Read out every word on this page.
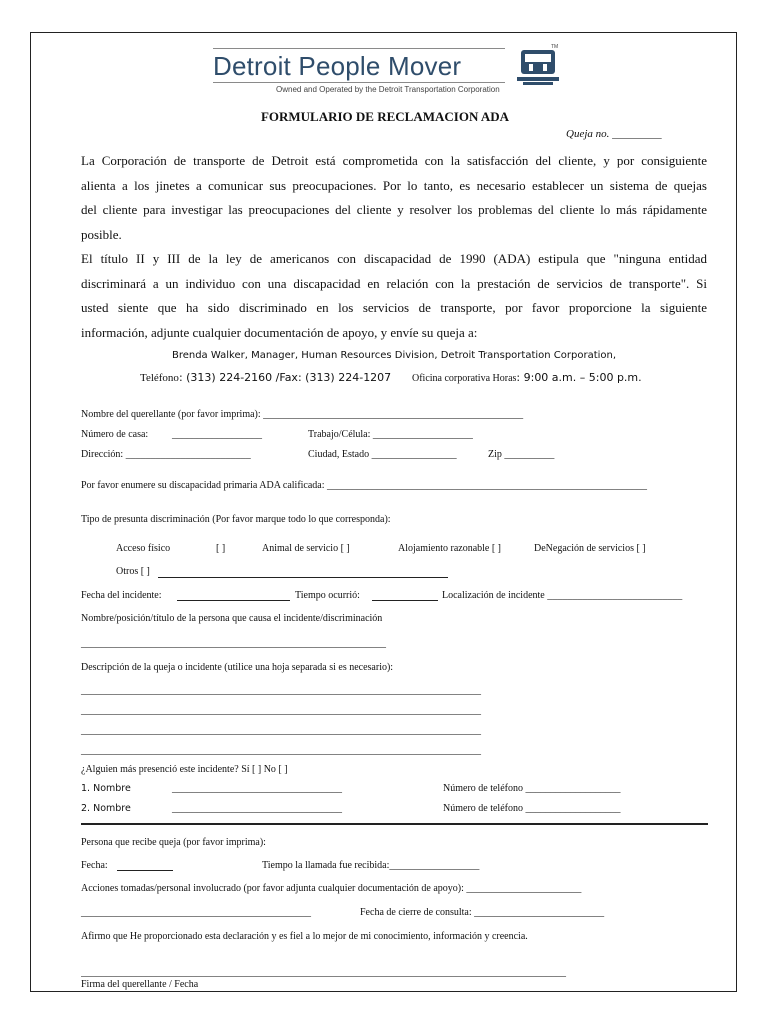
Detroit People Mover
Owned and Operated by the Detroit Transportation Corporation
TM
FORMULARIO DE RECLAMACION ADA
Queja no. _________
La Corporación de transporte de Detroit está comprometida con la satisfacción del cliente, y por consiguiente
alienta a los jinetes a comunicar sus preocupaciones. Por lo tanto, es necesario establecer un sistema de quejas
del cliente para investigar las preocupaciones del cliente y resolver los problemas del cliente lo más rápidamente
posible.
El título II y III de la ley de americanos con discapacidad de 1990 (ADA) estipula que "ninguna entidad
discriminará a un individuo con una discapacidad en relación con la prestación de servicios de transporte". Si
usted siente que ha sido discriminado en los servicios de transporte, por favor proporcione la siguiente
información, adjunte cualquier documentación de apoyo, y envíe su queja a:
Brenda Walker, Manager, Human Resources Division, Detroit Transportation Corporation,
Teléfono: (313) 224-2160 /Fax: (313) 224-1207 Oficina corporativa Horas: 9:00 a.m. – 5:00 p.m.
Nombre del querellante (por favor imprima): ____________________________________________________
Número de casa: __________________	Trabajo/Célula: ____________________
Dirección: _________________________	Ciudad, Estado _________________	Zip __________
Por favor enumere su discapacidad primaria ADA calificada: ________________________________________________________________
Tipo de presunta discriminación (Por favor marque todo lo que corresponda):
Acceso físico	[ ]	Animal de servicio [ ]	Alojamiento razonable [ ]	DeNegación de servicios [ ]
Otros [ ]
Fecha del incidente:	Tiempo ocurrió:	Localización de incidente ___________________________
Nombre/posición/título de la persona que causa el incidente/discriminación
_____________________________________________________________
Descripción de la queja o incidente (utilice una hoja separada si es necesario):
________________________________________________________________________________
________________________________________________________________________________
________________________________________________________________________________
________________________________________________________________________________
¿Alguien más presenció este incidente? Sí [ ] No [ ]
1. Nombre	__________________________________	Número de teléfono ___________________
2. Nombre	__________________________________	Número de teléfono ___________________
Persona que recibe queja (por favor imprima):
Fecha:	Tiempo la llamada fue recibida:__________________
Acciones tomadas/personal involucrado (por favor adjunta cualquier documentación de apoyo): _______________________
______________________________________________	Fecha de cierre de consulta: __________________________
Afirmo que He proporcionado esta declaración y es fiel a lo mejor de mi conocimiento, información y creencia.
_________________________________________________________________________________________________
Firma del querellante / Fecha
